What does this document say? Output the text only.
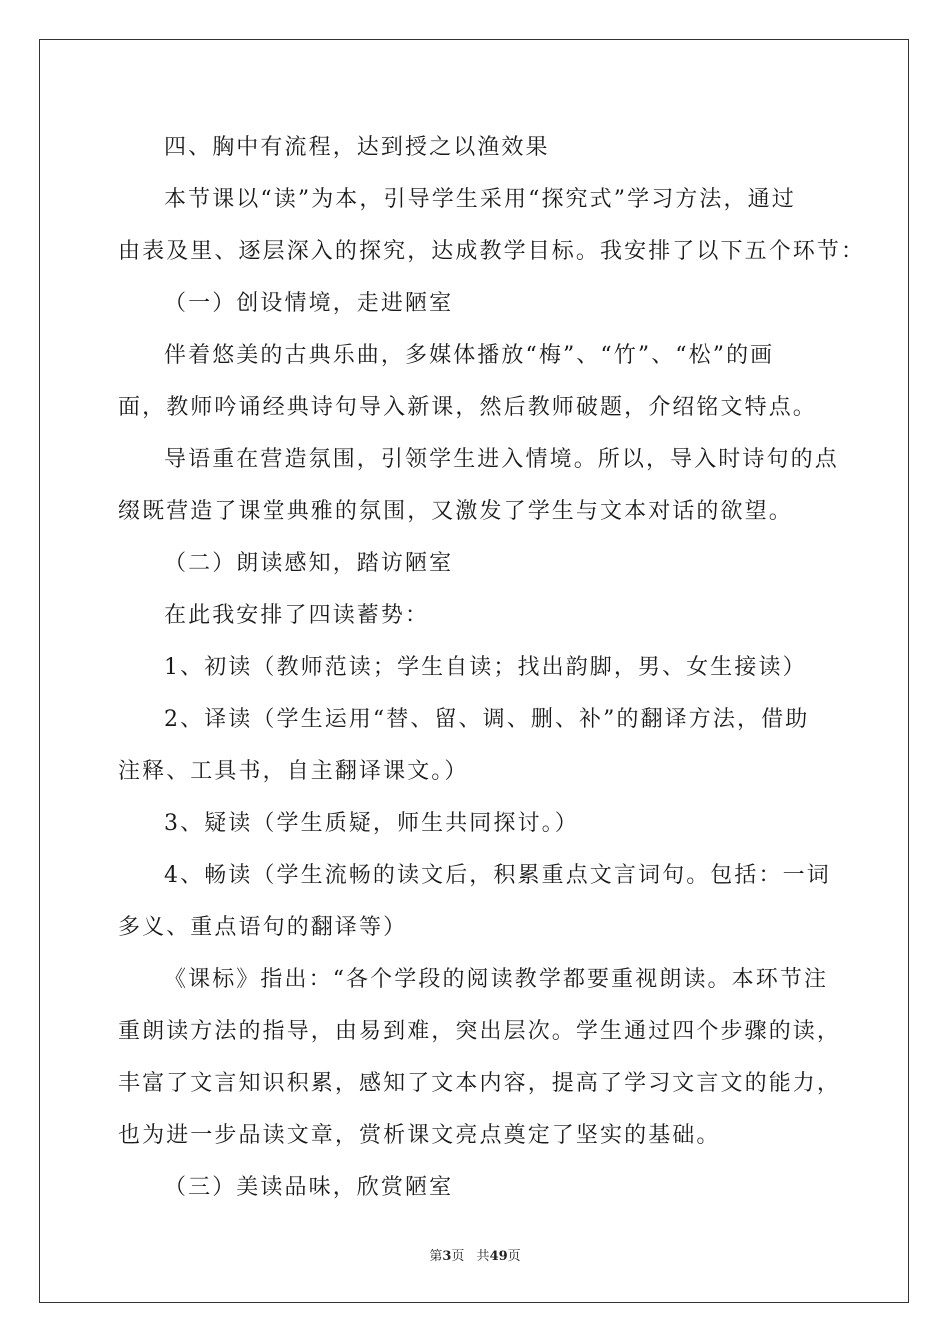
四、胸中有流程，达到授之以渔效果
本节课以“读”为本，引导学生采用“探究式”学习方法，通过
由表及里、逐层深入的探究，达成教学目标。我安排了以下五个环节：
（一）创设情境，走进陋室
伴着悠美的古典乐曲，多媒体播放“梅”、“竹”、“松”的画
面，教师吟诵经典诗句导入新课，然后教师破题，介绍铭文特点。
导语重在营造氛围，引领学生进入情境。所以，导入时诗句的点
缀既营造了课堂典雅的氛围，又激发了学生与文本对话的欲望。
（二）朗读感知，踏访陋室
在此我安排了四读蓄势：
1、初读（教师范读；学生自读；找出韵脚，男、女生接读）
2、译读（学生运用“替、留、调、删、补”的翻译方法，借助
注释、工具书，自主翻译课文。）
3、疑读（学生质疑，师生共同探讨。）
4、畅读（学生流畅的读文后，积累重点文言词句。包括：一词
多义、重点语句的翻译等）
《课标》指出：“各个学段的阅读教学都要重视朗读。本环节注
重朗读方法的指导，由易到难，突出层次。学生通过四个步骤的读，
丰富了文言知识积累，感知了文本内容，提高了学习文言文的能力，
也为进一步品读文章，赏析课文亮点奠定了坚实的基础。
（三）美读品味，欣赏陋室
第3页 共49页
